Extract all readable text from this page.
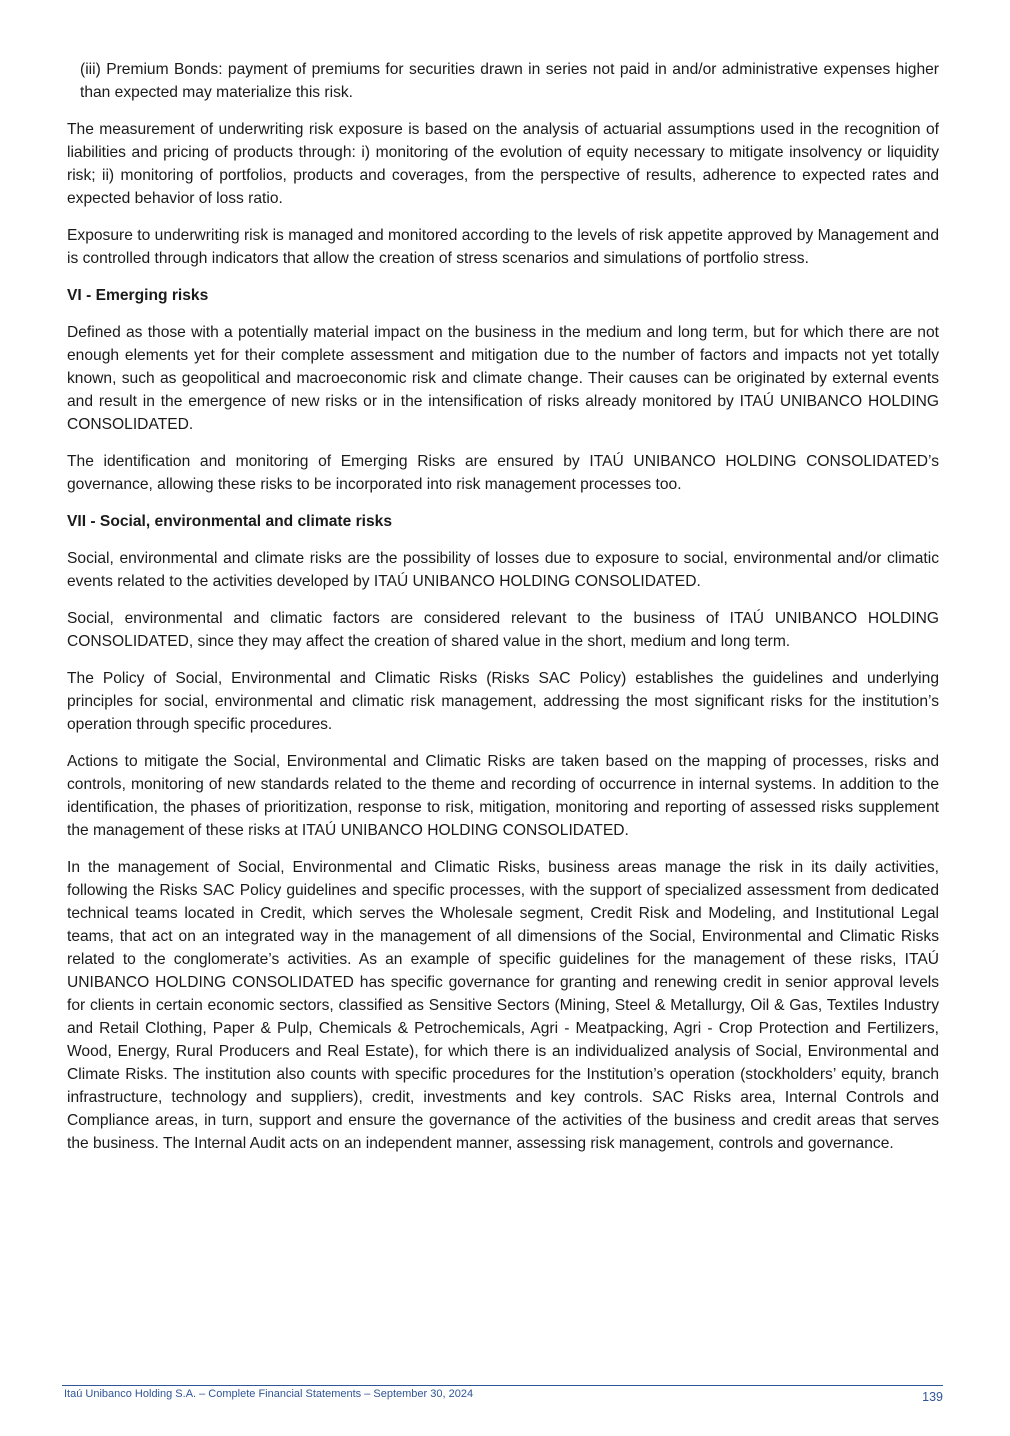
(iii) Premium Bonds: payment of premiums for securities drawn in series not paid in and/or administrative expenses higher than expected may materialize this risk.

The measurement of underwriting risk exposure is based on the analysis of actuarial assumptions used in the recognition of liabilities and pricing of products through: i) monitoring of the evolution of equity necessary to mitigate insolvency or liquidity risk; ii) monitoring of portfolios, products and coverages, from the perspective of results, adherence to expected rates and expected behavior of loss ratio.

Exposure to underwriting risk is managed and monitored according to the levels of risk appetite approved by Management and is controlled through indicators that allow the creation of stress scenarios and simulations of portfolio stress.

VI - Emerging risks

Defined as those with a potentially material impact on the business in the medium and long term, but for which there are not enough elements yet for their complete assessment and mitigation due to the number of factors and impacts not yet totally known, such as geopolitical and macroeconomic risk and climate change. Their causes can be originated by external events and result in the emergence of new risks or in the intensification of risks already monitored by ITAÚ UNIBANCO HOLDING CONSOLIDATED.

The identification and monitoring of Emerging Risks are ensured by ITAÚ UNIBANCO HOLDING CONSOLIDATED’s governance, allowing these risks to be incorporated into risk management processes too.

VII - Social, environmental and climate risks

Social, environmental and climate risks are the possibility of losses due to exposure to social, environmental and/or climatic events related to the activities developed by ITAÚ UNIBANCO HOLDING CONSOLIDATED.

Social, environmental and climatic factors are considered relevant to the business of ITAÚ UNIBANCO HOLDING CONSOLIDATED, since they may affect the creation of shared value in the short, medium and long term.

The Policy of Social, Environmental and Climatic Risks (Risks SAC Policy) establishes the guidelines and underlying principles for social, environmental and climatic risk management, addressing the most significant risks for the institution’s operation through specific procedures.

Actions to mitigate the Social, Environmental and Climatic Risks are taken based on the mapping of processes, risks and controls, monitoring of new standards related to the theme and recording of occurrence in internal systems. In addition to the identification, the phases of prioritization, response to risk, mitigation, monitoring and reporting of assessed risks supplement the management of these risks at ITAÚ UNIBANCO HOLDING CONSOLIDATED.

In the management of Social, Environmental and Climatic Risks, business areas manage the risk in its daily activities, following the Risks SAC Policy guidelines and specific processes, with the support of specialized assessment from dedicated technical teams located in Credit, which serves the Wholesale segment, Credit Risk and Modeling, and Institutional Legal teams, that act on an integrated way in the management of all dimensions of the Social, Environmental and Climatic Risks related to the conglomerate’s activities. As an example of specific guidelines for the management of these risks, ITAÚ UNIBANCO HOLDING CONSOLIDATED has specific governance for granting and renewing credit in senior approval levels for clients in certain economic sectors, classified as Sensitive Sectors (Mining, Steel & Metallurgy, Oil & Gas, Textiles Industry and Retail Clothing, Paper & Pulp, Chemicals & Petrochemicals, Agri - Meatpacking, Agri - Crop Protection and Fertilizers, Wood, Energy, Rural Producers and Real Estate), for which there is an individualized analysis of Social, Environmental and Climate Risks. The institution also counts with specific procedures for the Institution’s operation (stockholders’ equity, branch infrastructure, technology and suppliers), credit, investments and key controls. SAC Risks area, Internal Controls and Compliance areas, in turn, support and ensure the governance of the activities of the business and credit areas that serves the business. The Internal Audit acts on an independent manner, assessing risk management, controls and governance.

Itaú Unibanco Holding S.A. – Complete Financial Statements – September 30, 2024	139
